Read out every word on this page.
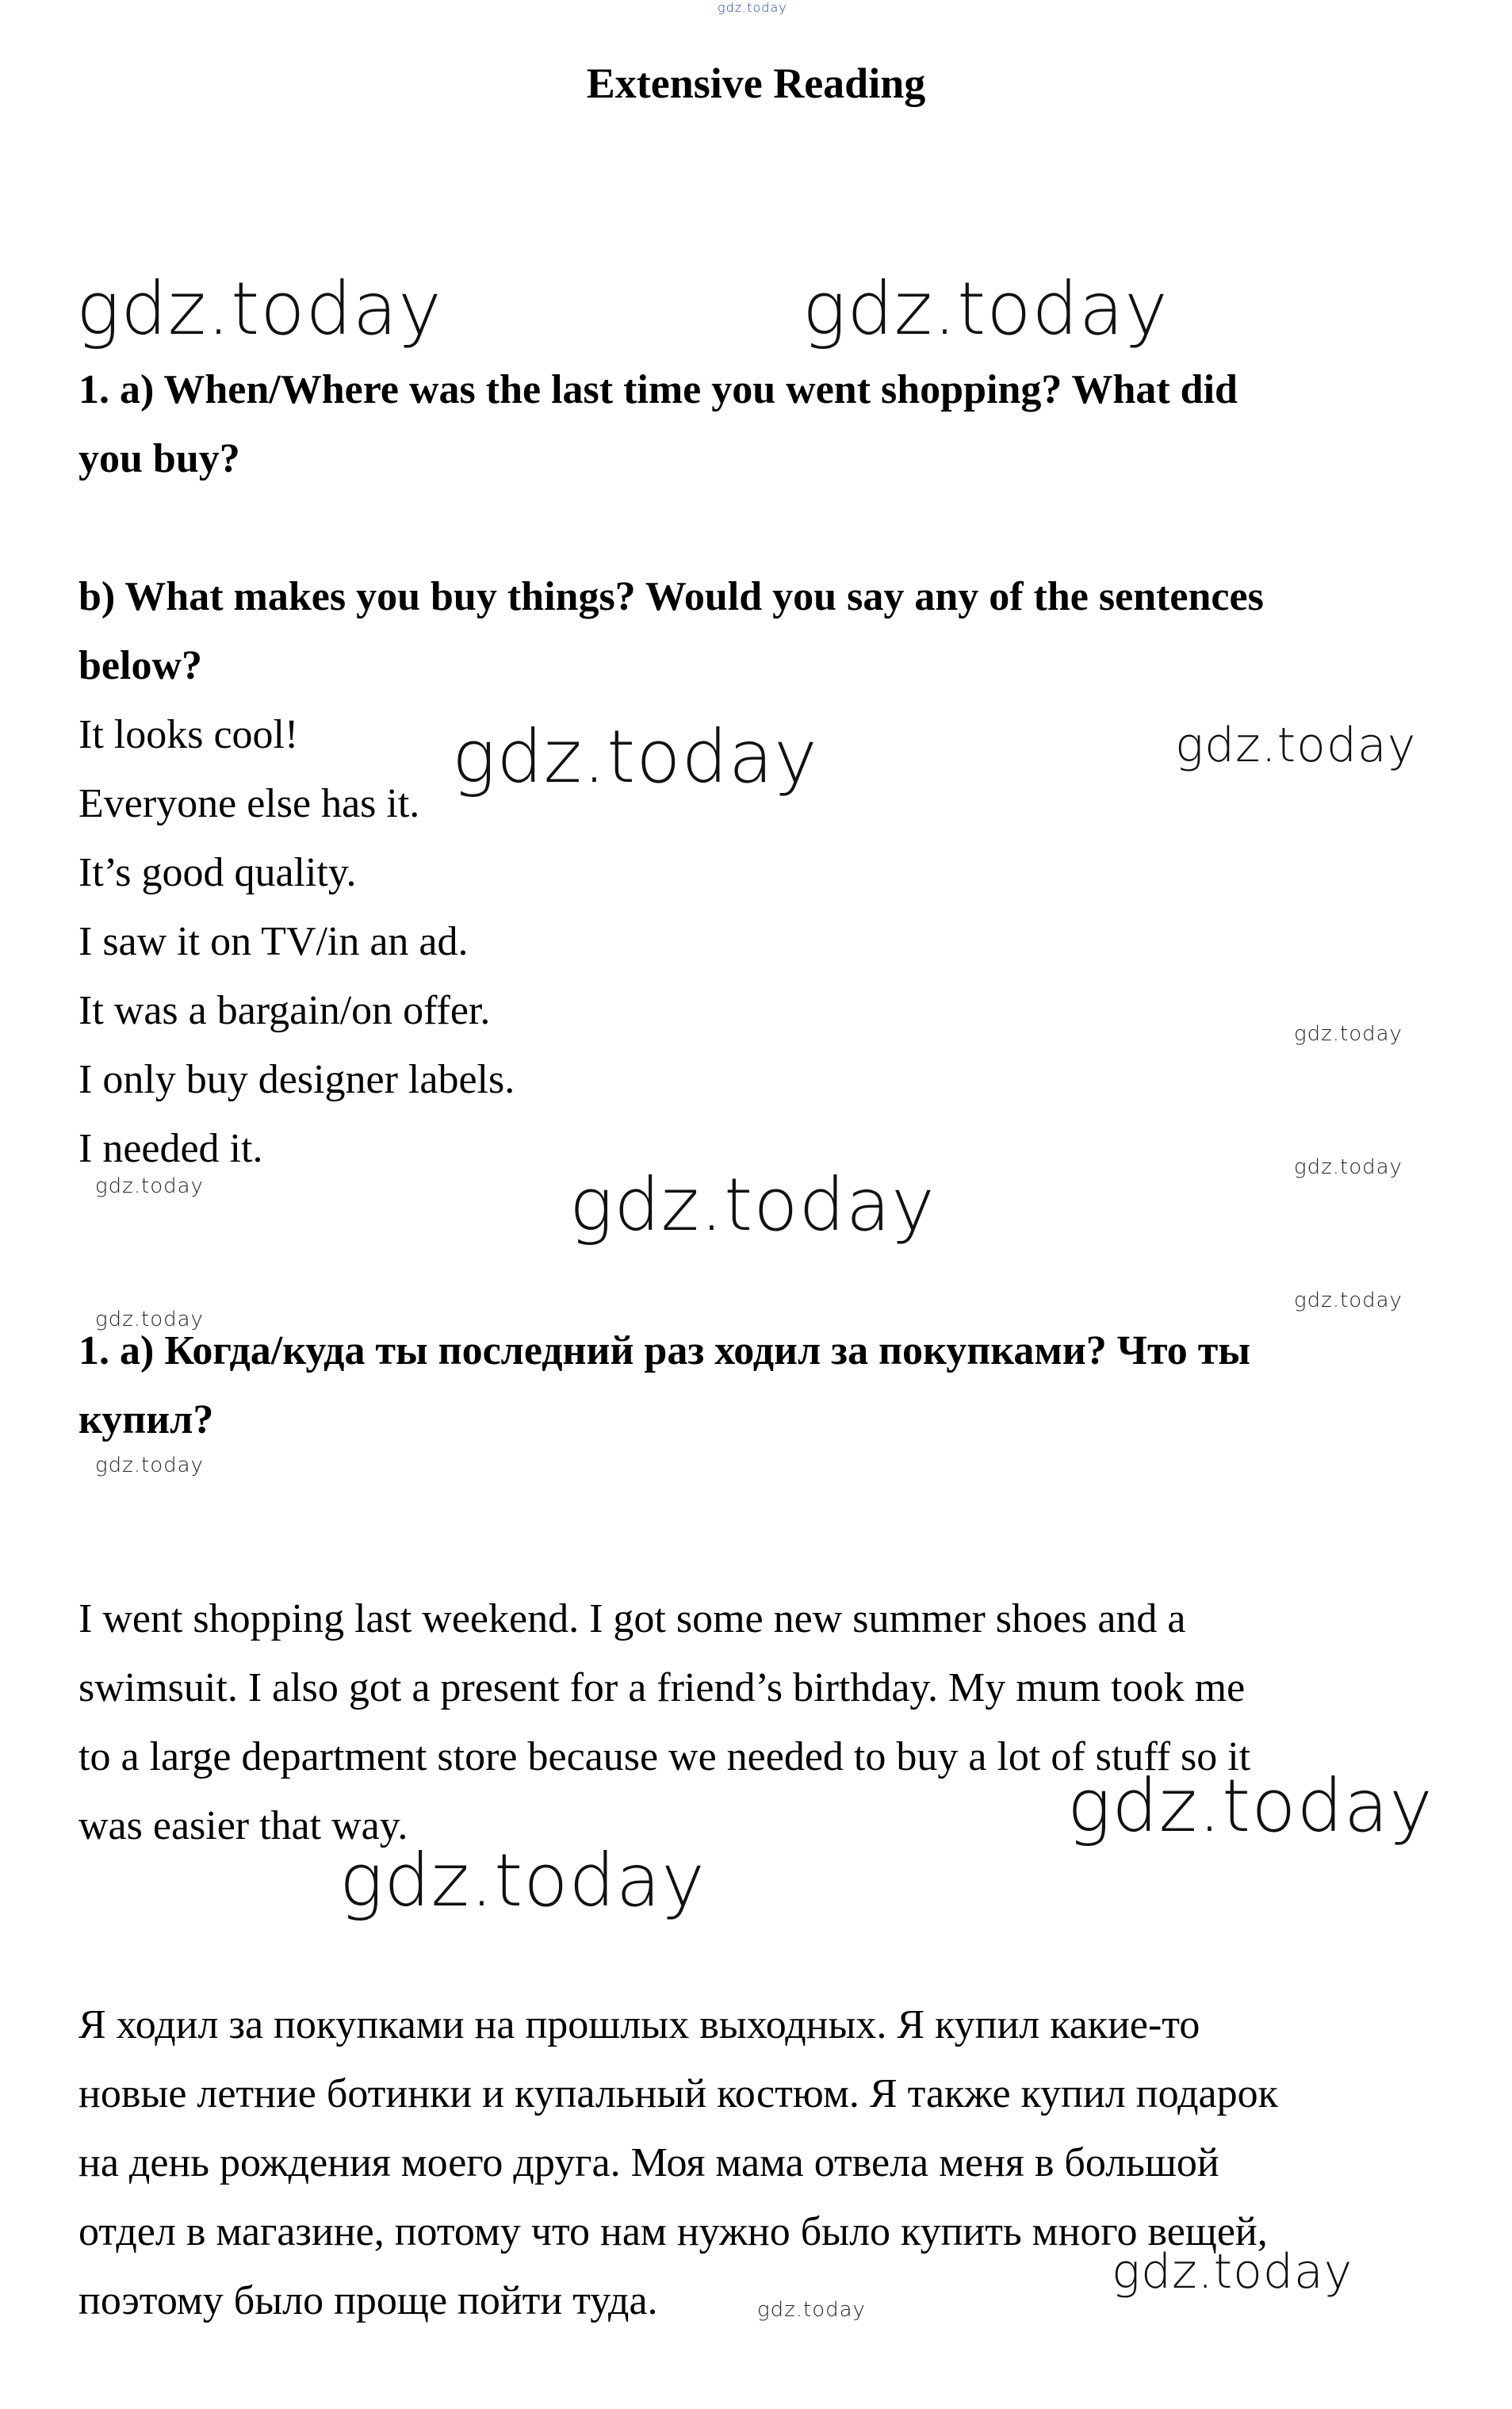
gdz.today
Extensive Reading
gdz.today	gdz.today
1. a) When/Where was the last time you went shopping? What did
you buy?
b) What makes you buy things? Would you say any of the sentences
below?
It looks cool!
Everyone else has it.
It’s good quality.
I saw it on TV/in an ad.
It was a bargain/on offer.
I only buy designer labels.
I needed it.
gdz.today	gdz.today
gdz.today
gdz.today
gdz.today
gdz.today
gdz.today
gdz.today
1. a) Когда/куда ты последний раз ходил за покупками? Что ты
купил?
gdz.today
I went shopping last weekend. I got some new summer shoes and a
swimsuit. I also got a present for a friend’s birthday. My mum took me
to a large department store because we needed to buy a lot of stuff so it
was easier that way.	gdz.today
gdz.today
Я ходил за покупками на прошлых выходных. Я купил какие-то
новые летние ботинки и купальный костюм. Я также купил подарок
на день рождения моего друга. Моя мама отвела меня в большой
отдел в магазине, потому что нам нужно было купить много вещей,
поэтому было проще пойти туда.
gdz.today
gdz.today
